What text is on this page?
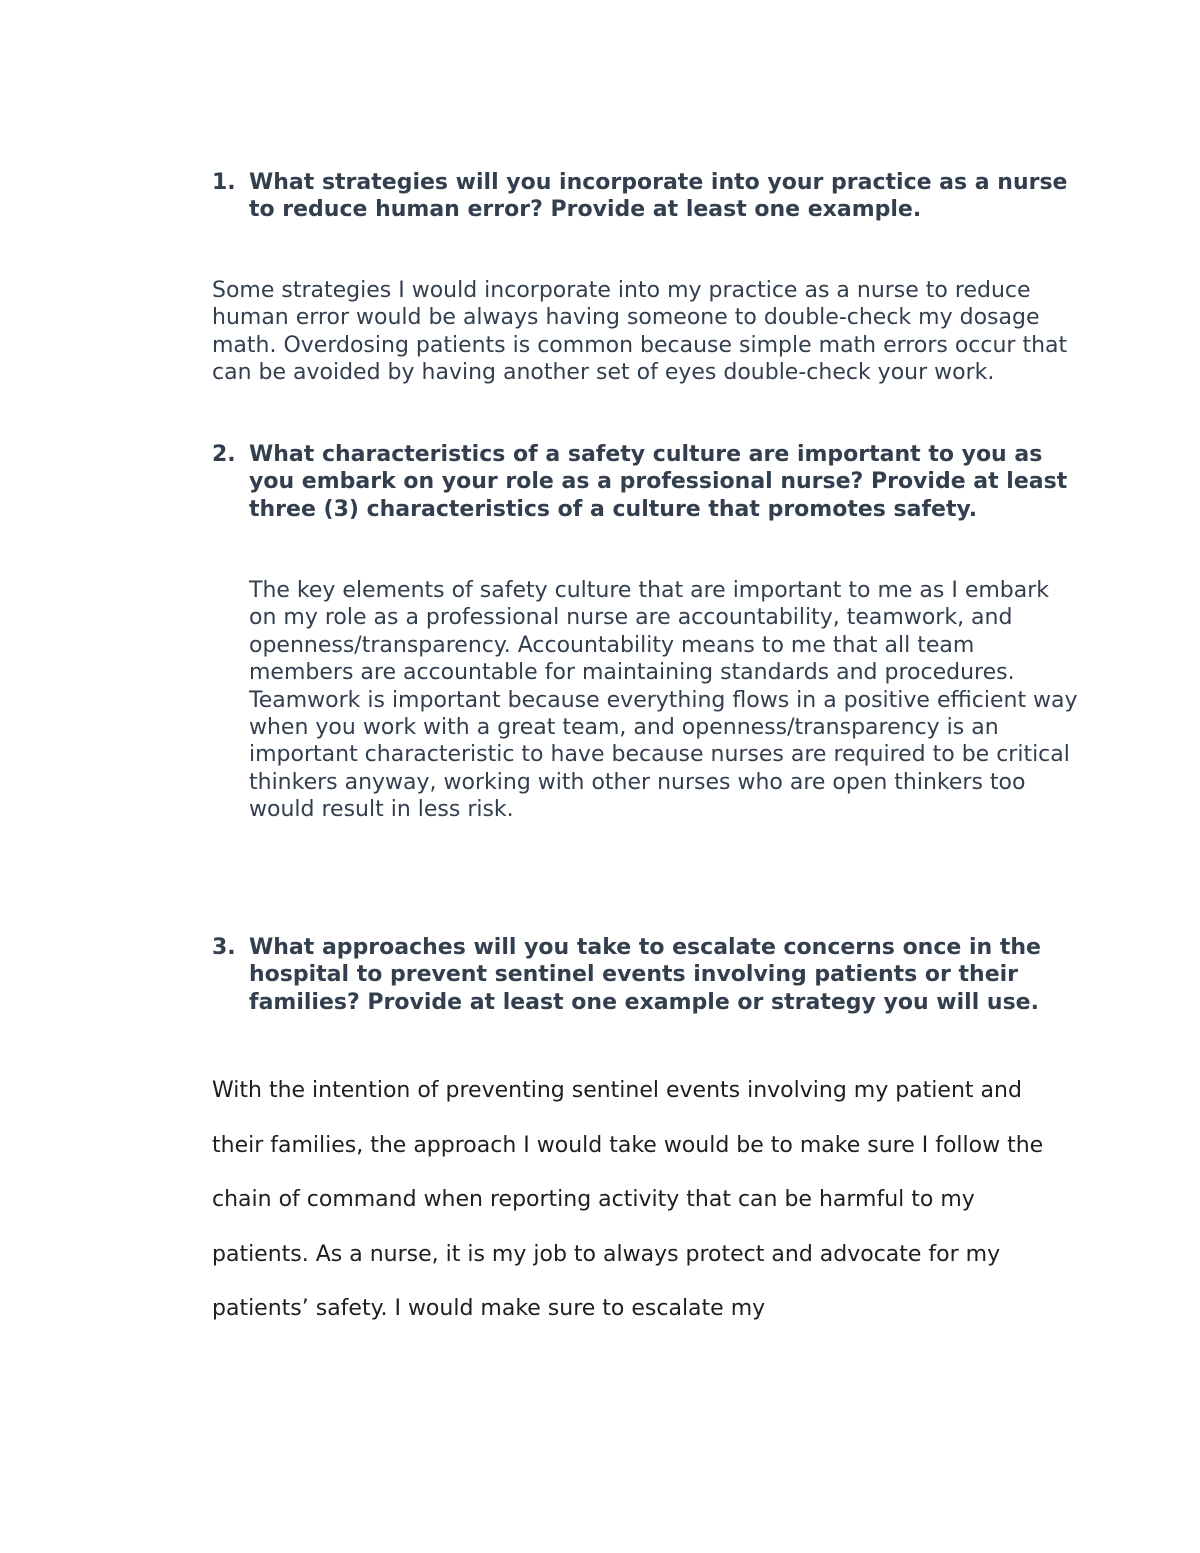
1. What strategies will you incorporate into your practice as a nurse to reduce human error? Provide at least one example.

Some strategies I would incorporate into my practice as a nurse to reduce human error would be always having someone to double-check my dosage math. Overdosing patients is common because simple math errors occur that can be avoided by having another set of eyes double-check your work.

2. What characteristics of a safety culture are important to you as you embark on your role as a professional nurse? Provide at least three (3) characteristics of a culture that promotes safety.

The key elements of safety culture that are important to me as I embark on my role as a professional nurse are accountability, teamwork, and openness/transparency. Accountability means to me that all team members are accountable for maintaining standards and procedures. Teamwork is important because everything flows in a positive efficient way when you work with a great team, and openness/transparency is an important characteristic to have because nurses are required to be critical thinkers anyway, working with other nurses who are open thinkers too would result in less risk.

3. What approaches will you take to escalate concerns once in the hospital to prevent sentinel events involving patients or their families? Provide at least one example or strategy you will use.

With the intention of preventing sentinel events involving my patient and their families, the approach I would take would be to make sure I follow the chain of command when reporting activity that can be harmful to my patients. As a nurse, it is my job to always protect and advocate for my patients’ safety. I would make sure to escalate my
